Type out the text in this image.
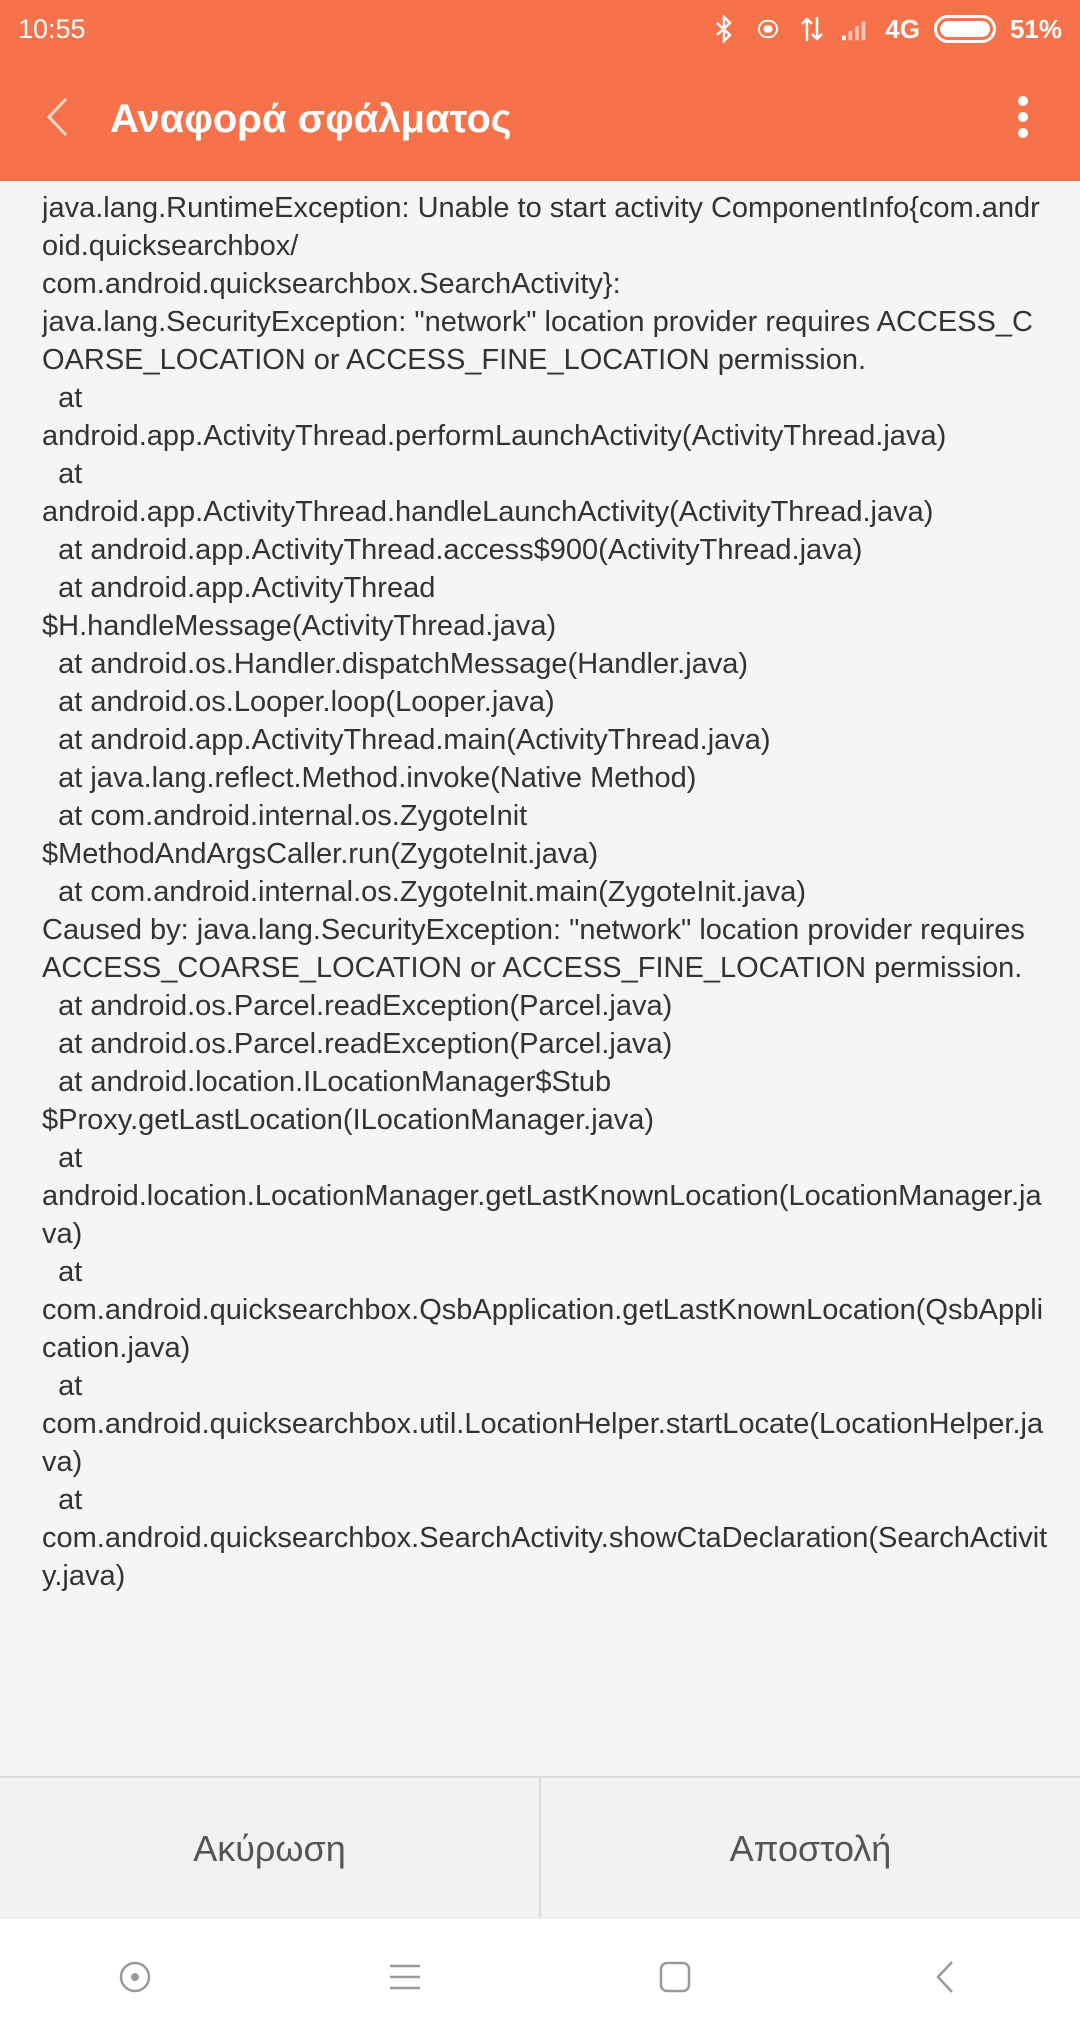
10:55	4G	51%
Αναφορά σφάλματος
java.lang.RuntimeException: Unable to start activity ComponentInfo{com.android.quicksearchbox/
com.android.quicksearchbox.SearchActivity}:
java.lang.SecurityException: "network" location provider requires ACCESS_COARSE_LOCATION or ACCESS_FINE_LOCATION permission.
at
android.app.ActivityThread.performLaunchActivity(ActivityThread.java)
at
android.app.ActivityThread.handleLaunchActivity(ActivityThread.java)
at android.app.ActivityThread.access$900(ActivityThread.java)
at android.app.ActivityThread
$H.handleMessage(ActivityThread.java)
at android.os.Handler.dispatchMessage(Handler.java)
at android.os.Looper.loop(Looper.java)
at android.app.ActivityThread.main(ActivityThread.java)
at java.lang.reflect.Method.invoke(Native Method)
at com.android.internal.os.ZygoteInit
$MethodAndArgsCaller.run(ZygoteInit.java)
at com.android.internal.os.ZygoteInit.main(ZygoteInit.java)
Caused by: java.lang.SecurityException: "network" location provider requires ACCESS_COARSE_LOCATION or ACCESS_FINE_LOCATION permission.
at android.os.Parcel.readException(Parcel.java)
at android.os.Parcel.readException(Parcel.java)
at android.location.ILocationManager$Stub
$Proxy.getLastLocation(ILocationManager.java)
at
android.location.LocationManager.getLastKnownLocation(LocationManager.java)
at
com.android.quicksearchbox.QsbApplication.getLastKnownLocation(QsbApplication.java)
at
com.android.quicksearchbox.util.LocationHelper.startLocate(LocationHelper.java)
at
com.android.quicksearchbox.SearchActivity.showCtaDeclaration(SearchActivity.java)
Ακύρωση	Αποστολή
